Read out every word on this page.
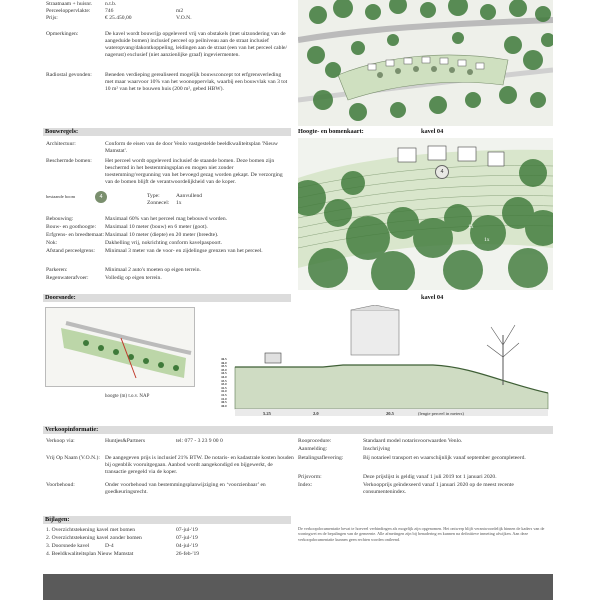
Straatnaam + huisnr. n.t.b.
Perceeloppervlakte:	746	m2
Prijs:	€ 25.450,00	V.O.N.
Opmerkingen:	De kavel wordt bouwrijp opgeleverd vrij van obstakels (met uitzondering van de aangeduide bomen) inclusief perceel op peilniveau aan de straat inclusief wateropvang/dakontkoppeling, leidingen aan de straat (een van het perceel cable/ nagerust) exclusief (niet aanzienlijke graaf) ingeviermenten.
Radiostal gevonden: Beneden verdieping gerealiseerd mogelijk bouwsconcept tot erfgrensverleding met maar waarvoor 10% van het woonoppervlak, waarbij een bouwvlak van 3 tot 10 m² van het te bouwen huis (200 m², gebed HBW).
Bouwregels:	Hoogte- en bomenkaart:	kavel 04
Architectuur:	Conform de eisen van de door Venlo vastgestelde beeldkwaliteitsplan 'Nieuw Mamstat'.
Beschermde bomen: Het perceel wordt opgeleverd inclusief de staande bomen. Deze bomen zijn beschermd in het bestemmingsplan en mogen niet zonder toestemming/vergunning van het bevoegd gezag worden gekapt. De verzorging van de bomen blijft de verantwoordelijkheid van de koper.
bestaande boom	4	Type:	Aanvullend
Zonnecel: 1x
Bebouwing:	Maximaal 60% van het perceel mag bebouwd worden.
Bouw- en goothoogte: Maximaal 10 meter (bouw) en 6 meter (goot).
Erfgrens- en breedtemaat: Maximaal 10 meter (diepte) en 20 meter (breedte).
Nok:	Dakhelling vrij, nokrichting conform kavelpaspoort.
Afstand perceelgrens: Minimaal 3 meter van de voor- en zijdelingse grenzen van het perceel.
Parkeren:	Minimaal 2 auto's moeten op eigen terrein.
Regenwaterafvoer:	Volledig op eigen terrein.
4
1x
1x
Doorsnede:	kavel 04
hoogte (m) t.o.v. NAP
5.25	2.0	20.5	(lengte perceel in meters)
46.5
46.0
45.5
45.0
44.5
44.0
43.5
43.0
42.5
42.0
41.5
41.0
40.5
40.0
Verkoopinformatie:
Verkoop via:	Huntjes&Partners	tel: 077 - 3 23 9 00 0
Vrij Op Naam (V.O.N.): De aangegeven prijs is inclusief 21% BTW. De notaris- en kadastrale kosten houden bij ogenblik vooruitgegaan. Aanbod wordt aangekondigd en bijgewerkt, de transactie geregeld via de koper.
Voorbehoud:	Onder voorbehoud van bestemmingsplanwijziging en ‘voorzienbaar’ en goedkeuringsrecht.
Rooprocedure:	Standaard model notarisvoorwaarden Venlo.
Aanmelding:	Inschrijving
Betalingsaflevering:	Bij notarieel transport en waarschijnlijk vanaf september gecompleteerd.
Prijsvorm:	Deze prijslijst is geldig vanaf 1 juli 2019 tot 1 januari 2020.
Index:	Verkoopprijs geïndexeerd vanaf 1 januari 2020 op de meest recente consumentenindex.
Bijlagen:
1. Overzichtstekening kavel met bomen	07-jul-'19
2. Overzichtstekening kavel zonder bomen	07-jul-'19
3. Doorsnede kavel	D-4	04-jul-'19
4. Beeldkwaliteitsplan Nieuw Mamstat	26-feb-'19
De verkoopdocumentatie bevat te hoeveel verbindingen als mogelijk zijn opgenomen. Het ontwerp blijft verantwoordelijk binnen de kaders van de woningwet en de bepalingen van de gemeente. Alle afmetingen zijn bij benadering en kunnen na definitieve inmeting afwijken. Aan deze verkoopdocumentatie kunnen geen rechten worden ontleend.
